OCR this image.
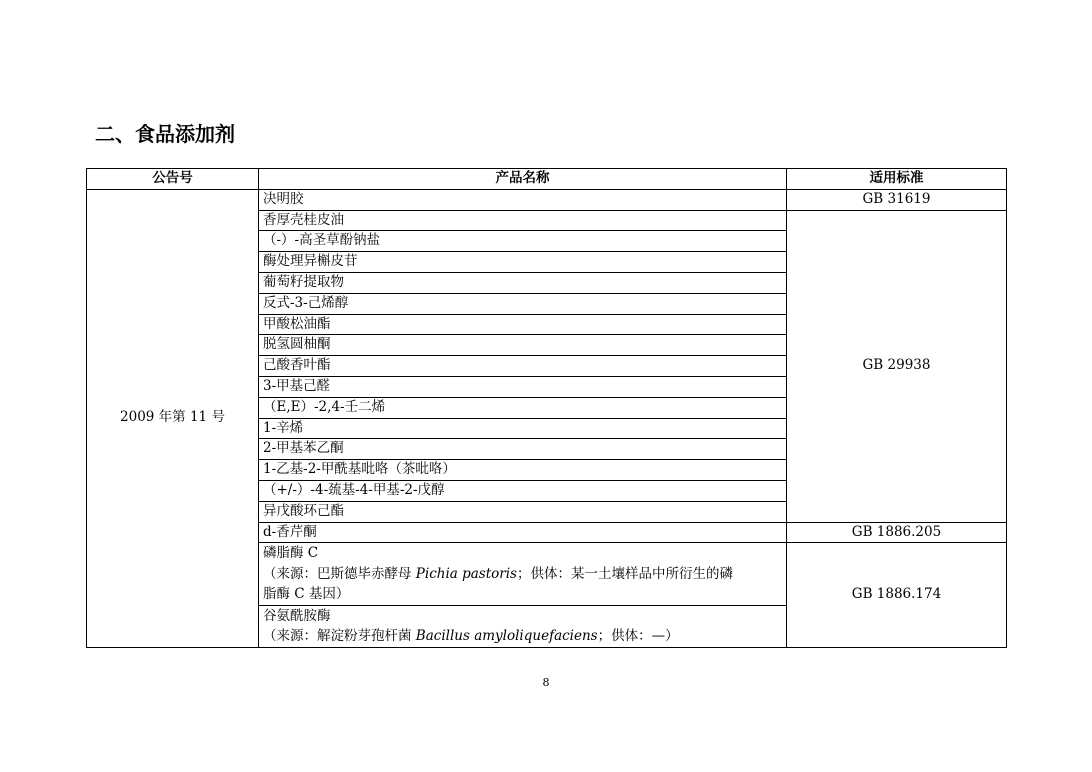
二、食品添加剂
公告号	产品名称	适用标准
2009 年第 11 号	决明胶	GB 31619
	香厚壳桂皮油	GB 29938
	（-）-高圣草酚钠盐	
	酶处理异槲皮苷	
	葡萄籽提取物	
	反式-3-己烯醇	
	甲酸松油酯	
	脱氢圆柚酮	
	己酸香叶酯	
	3-甲基己醛	
	（E,E）-2,4-壬二烯	
	1-辛烯	
	2-甲基苯乙酮	
	1-乙基-2-甲酰基吡咯（茶吡咯）	
	（+/-）-4-巯基-4-甲基-2-戊醇	
	异戊酸环己酯	
	d-香芹酮	GB 1886.205

	磷脂酶 C
（来源：巴斯德毕赤酵母 Pichia pastoris；供体：某一土壤样品中所衍生的磷
脂酶 C 基因）	GB 1886.174

	谷氨酰胺酶
（来源：解淀粉芽孢杆菌 Bacillus amyloliquefaciens；供体：—）	
8
